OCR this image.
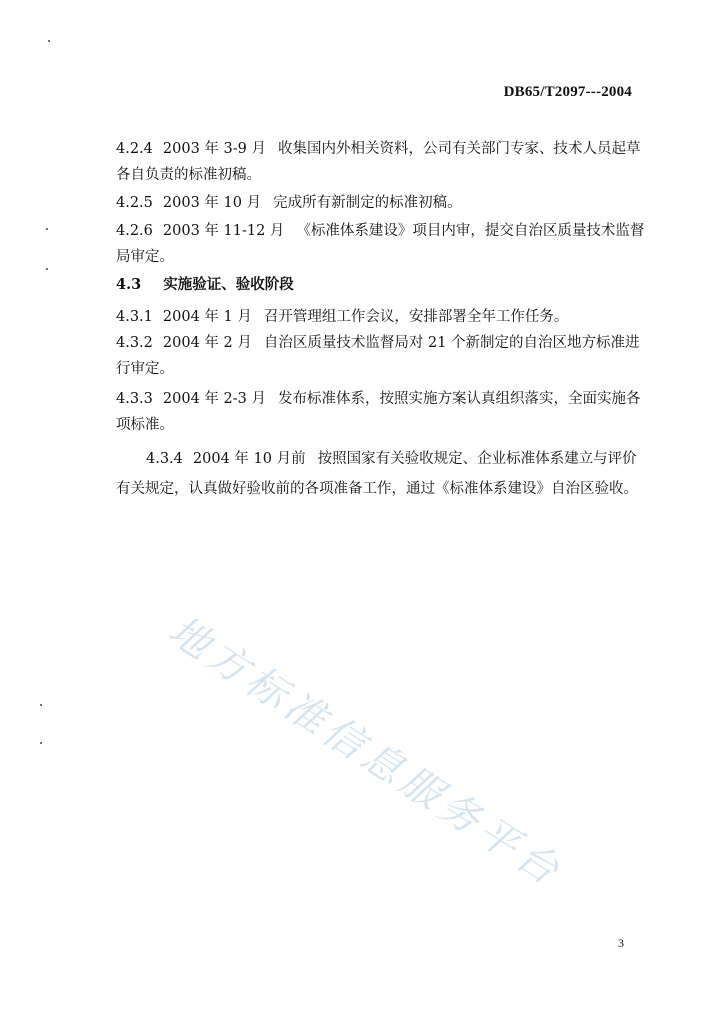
DB65/T2097---2004
4.2.4 2003 年 3-9 月 收集国内外相关资料，公司有关部门专家、技术人员起草
各自负责的标准初稿。
4.2.5 2003 年 10 月 完成所有新制定的标准初稿。
4.2.6 2003 年 11-12 月 《标准体系建设》项目内审，提交自治区质量技术监督
局审定。
4.3 实施验证、验收阶段
4.3.1 2004 年 1 月 召开管理组工作会议，安排部署全年工作任务。
4.3.2 2004 年 2 月 自治区质量技术监督局对 21 个新制定的自治区地方标准进
行审定。
4.3.3 2004 年 2-3 月 发布标准体系，按照实施方案认真组织落实，全面实施各
项标准。
4.3.4 2004 年 10 月前 按照国家有关验收规定、企业标准体系建立与评价
有关规定，认真做好验收前的各项准备工作，通过《标准体系建设》自治区验收。
地方标准信息服务平台
3
